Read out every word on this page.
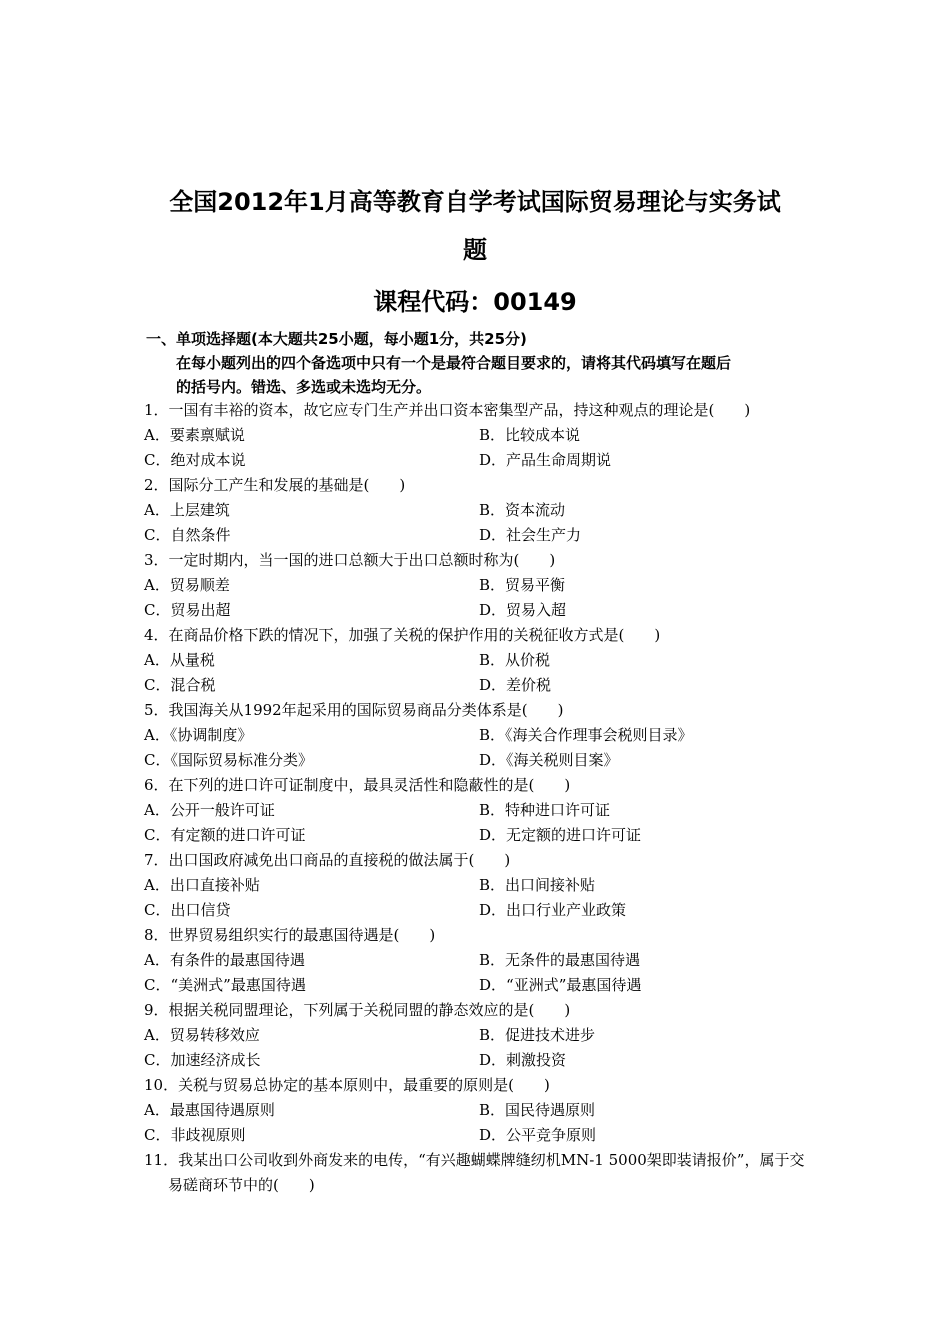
全国2012年1月高等教育自学考试国际贸易理论与实务试
题
课程代码：00149
一、单项选择题(本大题共25小题，每小题1分，共25分)
在每小题列出的四个备选项中只有一个是最符合题目要求的，请将其代码填写在题后
的括号内。错选、多选或未选均无分。
1．一国有丰裕的资本，故它应专门生产并出口资本密集型产品，持这种观点的理论是(　　)
A．要素禀赋说	B．比较成本说
C．绝对成本说	D．产品生命周期说
2．国际分工产生和发展的基础是(　　)
A．上层建筑	B．资本流动
C．自然条件	D．社会生产力
3．一定时期内，当一国的进口总额大于出口总额时称为(　　)
A．贸易顺差	B．贸易平衡
C．贸易出超	D．贸易入超
4．在商品价格下跌的情况下，加强了关税的保护作用的关税征收方式是(　　)
A．从量税	B．从价税
C．混合税	D．差价税
5．我国海关从1992年起采用的国际贸易商品分类体系是(　　)
A．《协调制度》	B．《海关合作理事会税则目录》
C．《国际贸易标准分类》	D．《海关税则目案》
6．在下列的进口许可证制度中，最具灵活性和隐蔽性的是(　　)
A．公开一般许可证	B．特种进口许可证
C．有定额的进口许可证	D．无定额的进口许可证
7．出口国政府减免出口商品的直接税的做法属于(　　)
A．出口直接补贴	B．出口间接补贴
C．出口信贷	D．出口行业产业政策
8．世界贸易组织实行的最惠国待遇是(　　)
A．有条件的最惠国待遇	B．无条件的最惠国待遇
C．“美洲式”最惠国待遇	D．“亚洲式”最惠国待遇
9．根据关税同盟理论，下列属于关税同盟的静态效应的是(　　)
A．贸易转移效应	B．促进技术进步
C．加速经济成长	D．刺激投资
10．关税与贸易总协定的基本原则中，最重要的原则是(　　)
A．最惠国待遇原则	B．国民待遇原则
C．非歧视原则	D．公平竞争原则
11．我某出口公司收到外商发来的电传，“有兴趣蝴蝶牌缝纫机MN-1 5000架即装请报价”，属于交易磋商环节中的(　　)
